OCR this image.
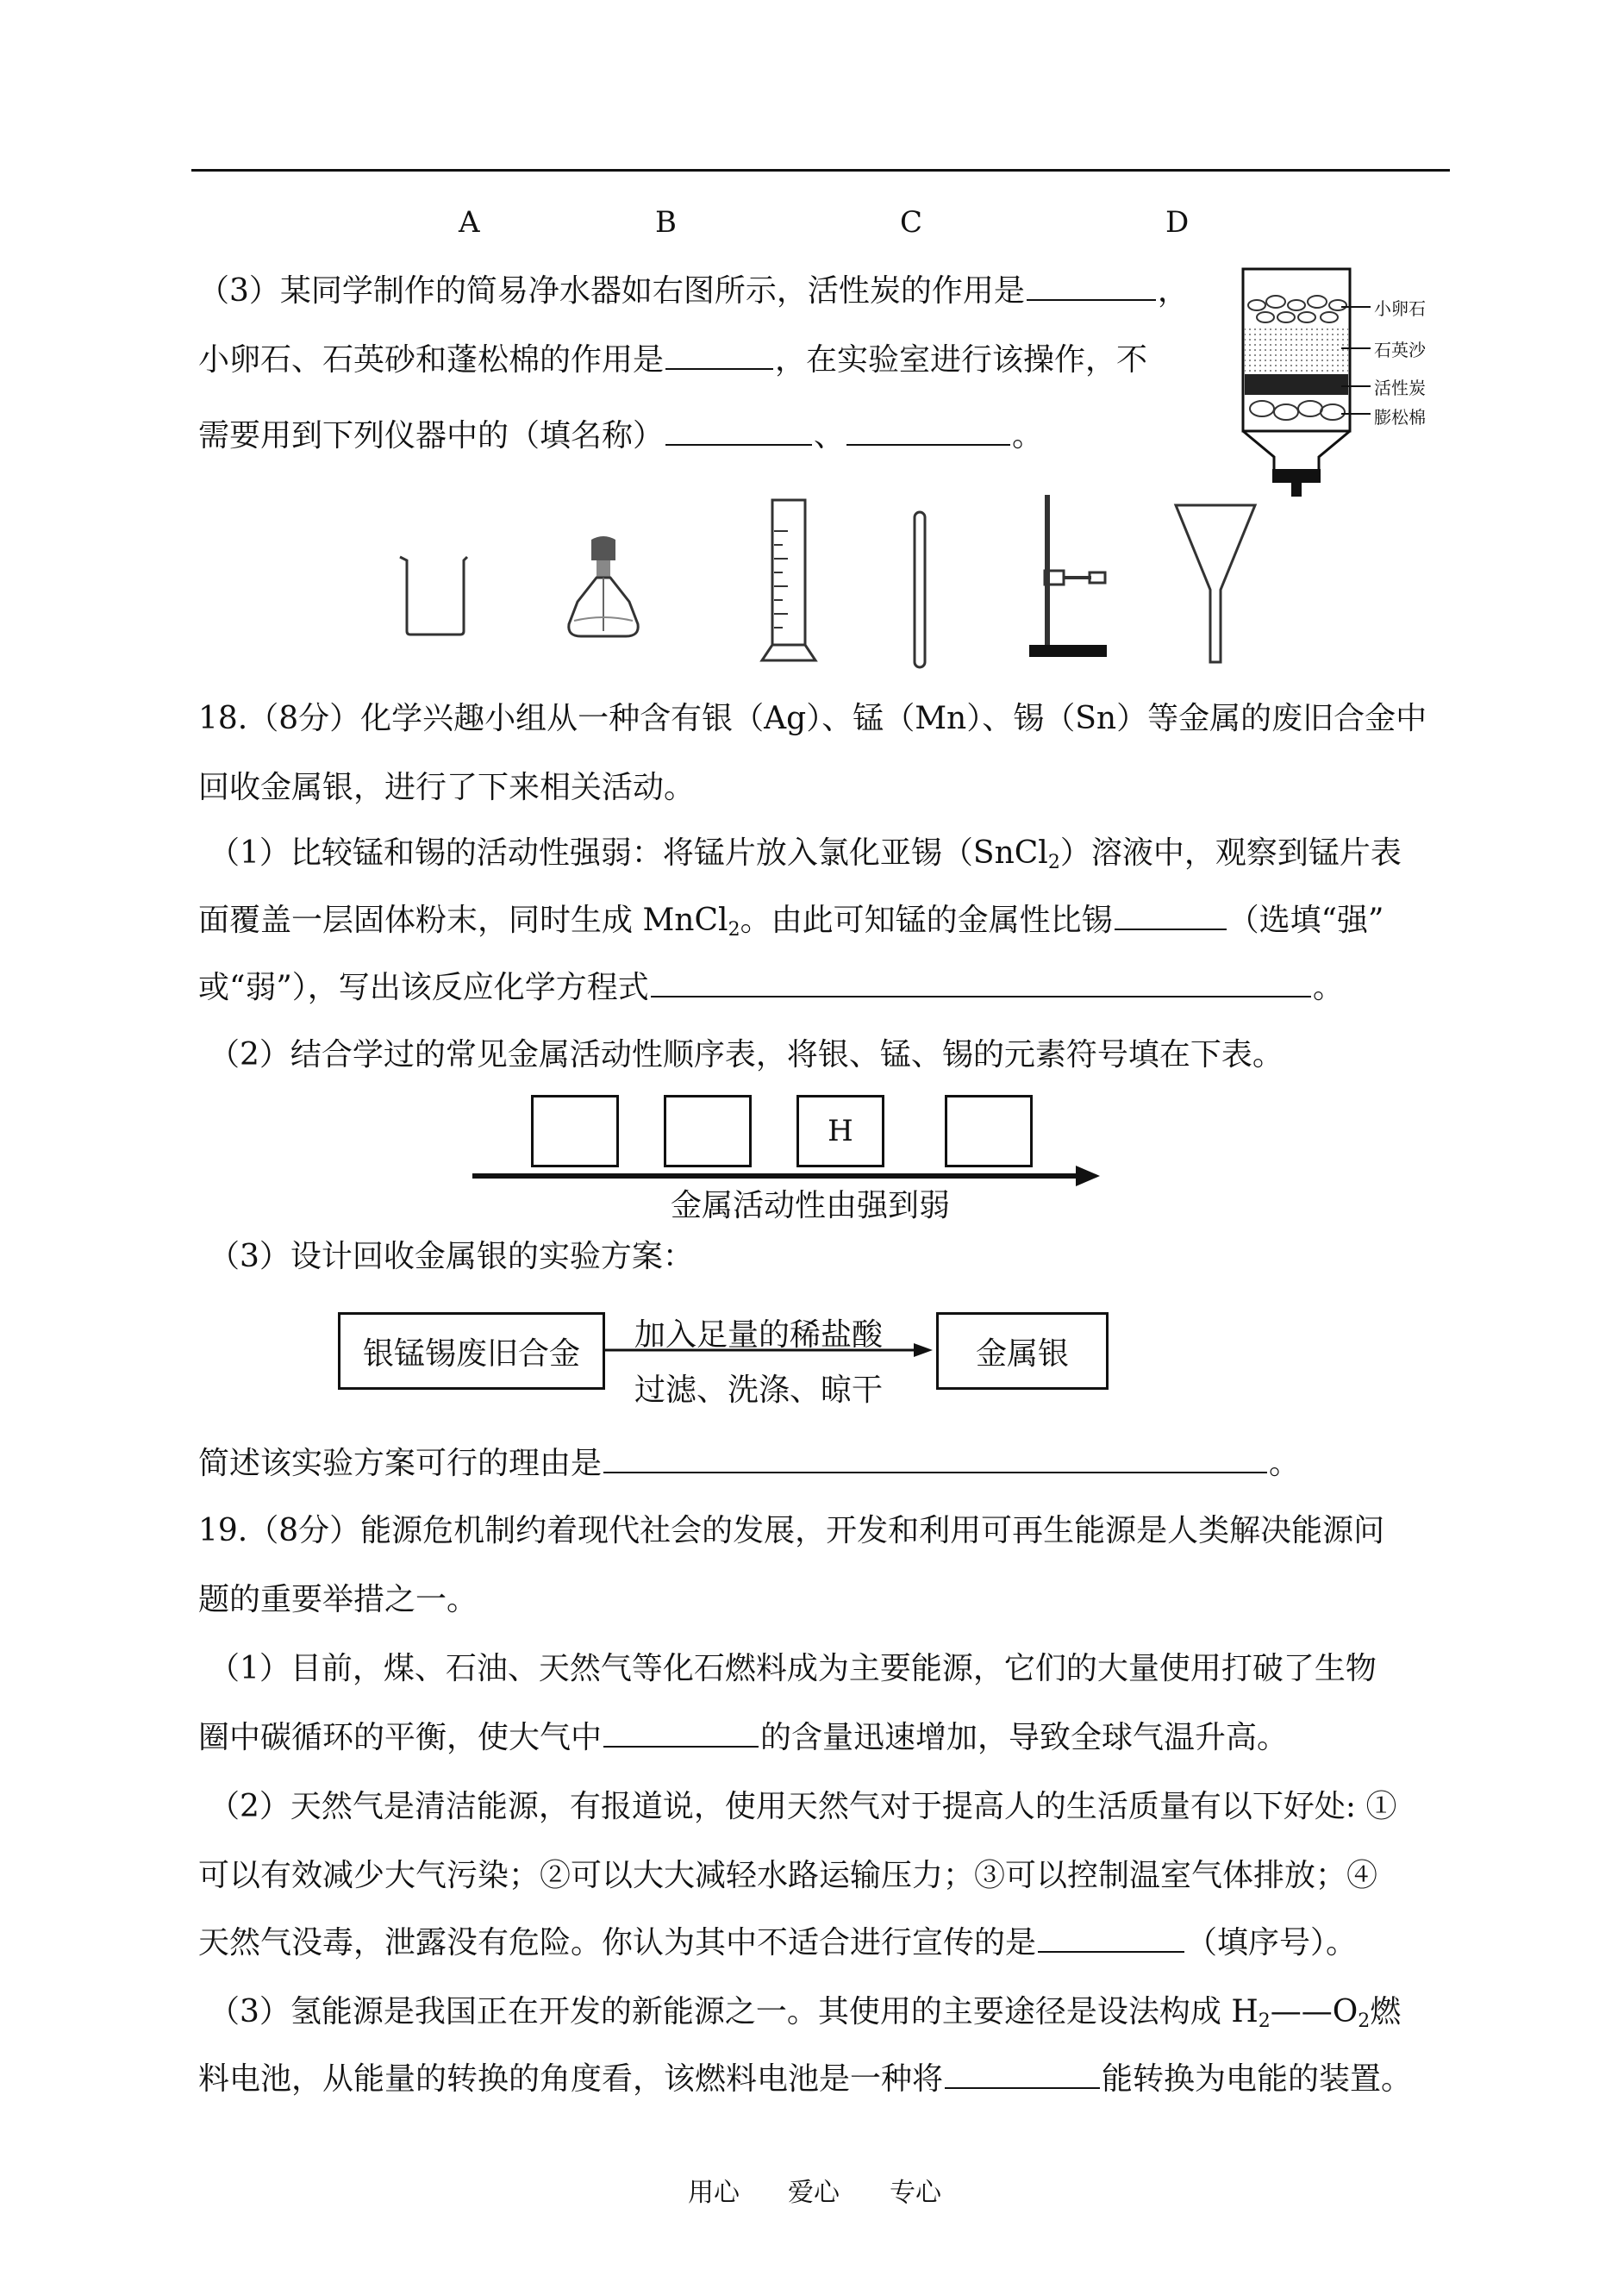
A	B	C	D
（3）某同学制作的简易净水器如右图所示，活性炭的作用是	，
小卵石、石英砂和蓬松棉的作用是	，在实验室进行该操作，不
需要用到下列仪器中的（填名称）	、	。
小卵石
石英沙
活性炭
膨松棉
18.（8分）化学兴趣小组从一种含有银（Ag）、锰（Mn）、锡（Sn）等金属的废旧合金中
回收金属银，进行了下来相关活动。
（1）比较锰和锡的活动性强弱：将锰片放入氯化亚锡（SnCl$_2$）溶液中，观察到锰片表
面覆盖一层固体粉末，同时生成 MnCl$_2$。由此可知锰的金属性比锡	（选填“强”
或“弱”），写出该反应化学方程式	。
（2）结合学过的常见金属活动性顺序表，将银、锰、锡的元素符号填在下表。
H
金属活动性由强到弱
（3）设计回收金属银的实验方案：
银锰锡废旧合金
加入足量的稀盐酸
过滤、洗涤、晾干
金属银
简述该实验方案可行的理由是	。
19.（8分）能源危机制约着现代社会的发展，开发和利用可再生能源是人类解决能源问
题的重要举措之一。
（1）目前，煤、石油、天然气等化石燃料成为主要能源，它们的大量使用打破了生物
圈中碳循环的平衡，使大气中	的含量迅速增加，导致全球气温升高。
（2）天然气是清洁能源，有报道说，使用天然气对于提高人的生活质量有以下好处: ①
可以有效减少大气污染；②可以大大减轻水路运输压力；③可以控制温室气体排放；④
天然气没毒，泄露没有危险。你认为其中不适合进行宣传的是	（填序号）。
（3）氢能源是我国正在开发的新能源之一。其使用的主要途径是设法构成 $H_2——O_2$燃
料电池，从能量的转换的角度看，该燃料电池是一种将	能转换为电能的装置。
用心 爱心 专心
